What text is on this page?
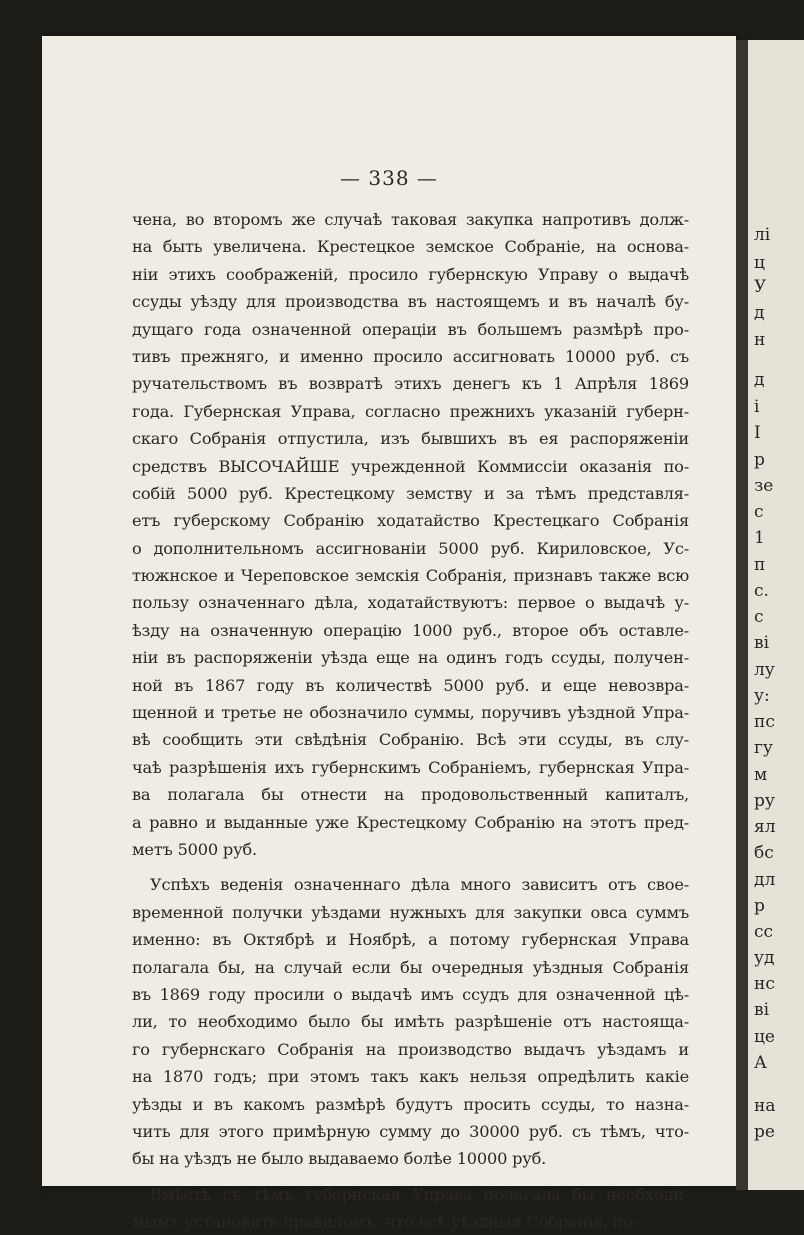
— 338 —
чена, во второмъ же случаѣ таковая закупка напротивъ долж-
на быть увеличена. Крестецкое земское Собраніе, на основа-
ніи этихъ соображеній, просило губернскую Управу о выдачѣ
ссуды уѣзду для производства въ настоящемъ и въ началѣ бу-
дущаго года означенной операціи въ большемъ размѣрѣ про-
тивъ прежняго, и именно просило ассигновать 10000 руб. съ
ручательствомъ въ возвратѣ этихъ денегъ къ 1 Апрѣля 1869
года. Губернская Управа, согласно прежнихъ указаній губерн-
скаго Собранія отпустила, изъ бывшихъ въ ея распоряженіи
средствъ ВЫСОЧАЙШЕ учрежденной Коммиссіи оказанія по-
собій 5000 руб. Крестецкому земству и за тѣмъ представля-
етъ губерскому Собранію ходатайство Крестецкаго Собранія
о дополнительномъ ассигнованіи 5000 руб. Кириловское, Ус-
тюжнское и Череповское земскія Собранія, признавъ также всю
пользу означеннаго дѣла, ходатайствуютъ: первое о выдачѣ у-
ѣзду на означенную операцію 1000 руб., второе объ оставле-
ніи въ распоряженіи уѣзда еще на одинъ годъ ссуды, получен-
ной въ 1867 году въ количествѣ 5000 руб. и еще невозвра-
щенной и третье не обозначило суммы, поручивъ уѣздной Упра-
вѣ сообщить эти свѣдѣнія Собранію. Всѣ эти ссуды, въ слу-
чаѣ разрѣшенія ихъ губернскимъ Собраніемъ, губернская Упра-
ва полагала бы отнести на продовольственный капиталъ,
а равно и выданные уже Крестецкому Собранію на этотъ пред-
метъ 5000 руб.
Успѣхъ веденія означеннаго дѣла много зависитъ отъ свое-
временной получки уѣздами нужныхъ для закупки овса суммъ
именно: въ Октябрѣ и Ноябрѣ, а потому губернская Управа
полагала бы, на случай если бы очередныя уѣздныя Собранія
въ 1869 году просили о выдачѣ имъ ссудъ для означенной цѣ-
ли, то необходимо было бы имѣть разрѣшеніе отъ настояща-
го губернскаго Собранія на производство выдачъ уѣздамъ и
на 1870 годъ; при этомъ такъ какъ нельзя опредѣлить какіе
уѣзды и въ какомъ размѣрѣ будутъ просить ссуды, то назна-
чить для этого примѣрную сумму до 30000 руб. съ тѣмъ, что-
бы на уѣздъ не было выдаваемо болѣе 10000 руб.
Вмѣстѣ съ тѣмъ губернская Управа полагала бы необходи-
мымъ установить правиломъ: что всѣ уѣздныя Собранія, по-
лі
ц
У
д
н
д
і
І
р
зе
с
1
п
с.
с
ві
лу
у:
пс
гу
м
ру
ял
бс
дл
р
сс
уд
нс
ві
це
А
на
ре
